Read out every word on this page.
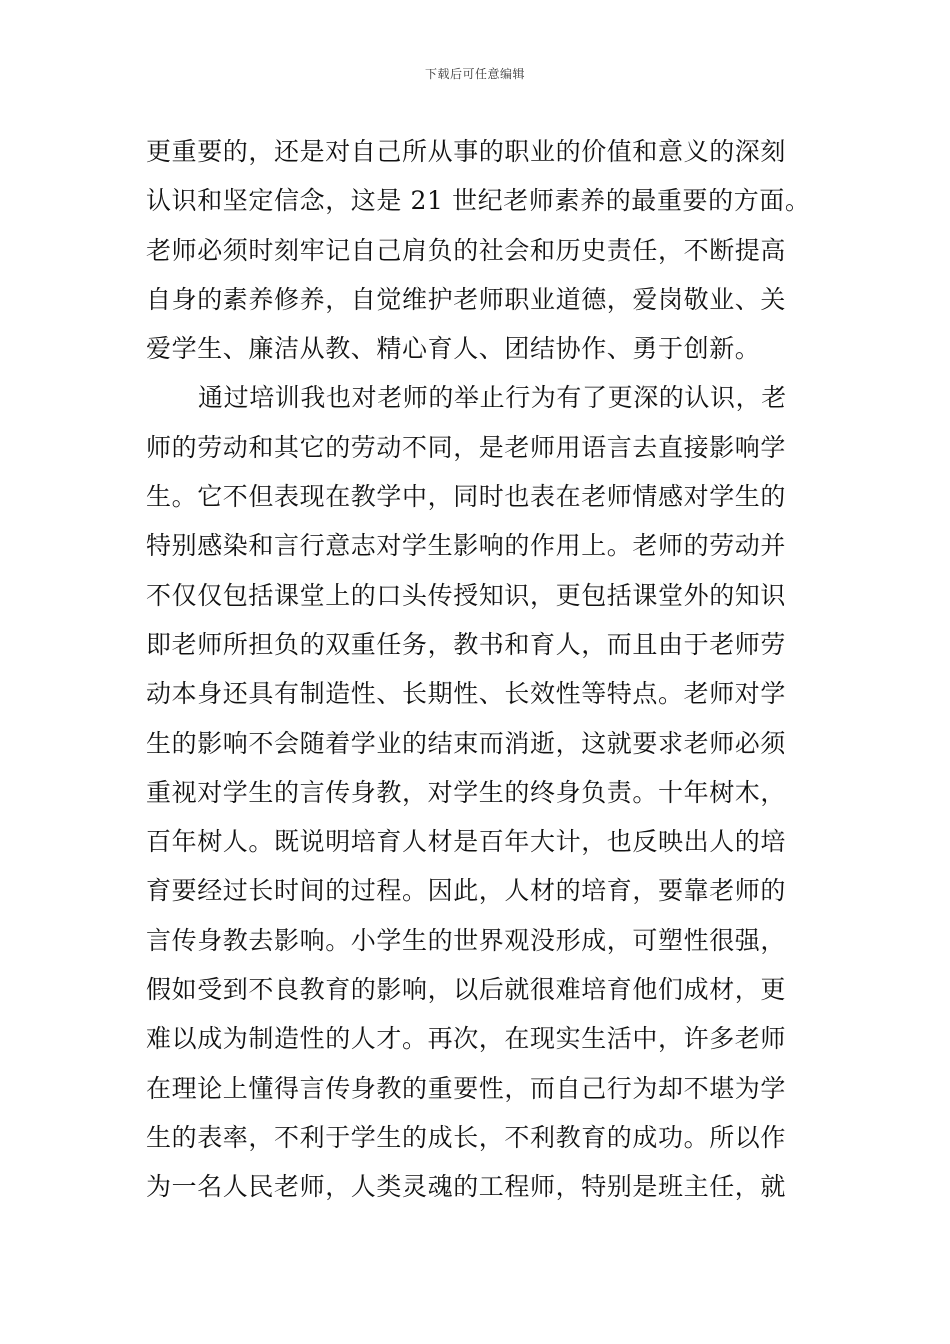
下载后可任意编辑
更重要的，还是对自己所从事的职业的价值和意义的深刻
认识和坚定信念，这是 21 世纪老师素养的最重要的方面。
老师必须时刻牢记自己肩负的社会和历史责任，不断提高
自身的素养修养，自觉维护老师职业道德，爱岗敬业、关
爱学生、廉洁从教、精心育人、团结协作、勇于创新。
通过培训我也对老师的举止行为有了更深的认识，老
师的劳动和其它的劳动不同，是老师用语言去直接影响学
生。它不但表现在教学中，同时也表在老师情感对学生的
特别感染和言行意志对学生影响的作用上。老师的劳动并
不仅仅包括课堂上的口头传授知识，更包括课堂外的知识
即老师所担负的双重任务，教书和育人，而且由于老师劳
动本身还具有制造性、长期性、长效性等特点。老师对学
生的影响不会随着学业的结束而消逝，这就要求老师必须
重视对学生的言传身教，对学生的终身负责。十年树木，
百年树人。既说明培育人材是百年大计，也反映出人的培
育要经过长时间的过程。因此，人材的培育，要靠老师的
言传身教去影响。小学生的世界观没形成，可塑性很强，
假如受到不良教育的影响，以后就很难培育他们成材，更
难以成为制造性的人才。再次，在现实生活中，许多老师
在理论上懂得言传身教的重要性，而自己行为却不堪为学
生的表率，不利于学生的成长，不利教育的成功。所以作
为一名人民老师，人类灵魂的工程师，特别是班主任，就
